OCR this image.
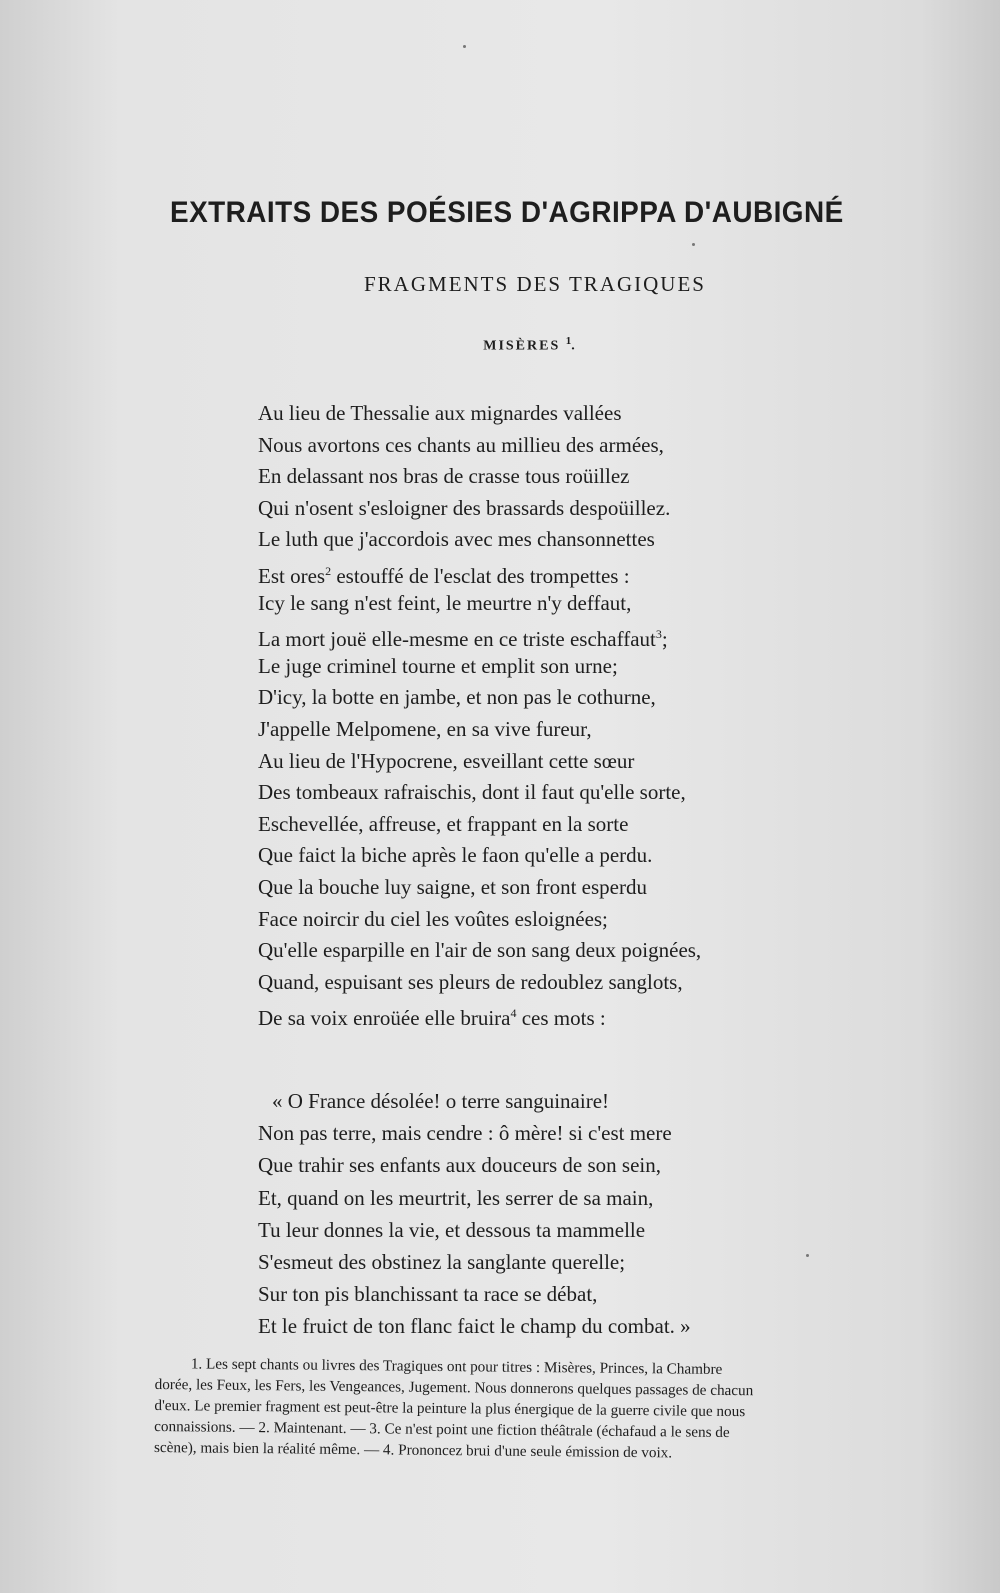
EXTRAITS DES POÉSIES D'AGRIPPA D'AUBIGNÉ
FRAGMENTS DES TRAGIQUES
MISÈRES $^1$.
Au lieu de Thessalie aux mignardes vallées
Nous avortons ces chants au millieu des armées,
En delassant nos bras de crasse tous roüillez
Qui n'osent s'esloigner des brassards despoüillez.
Le luth que j'accordois avec mes chansonnettes
Est ores$^2$ estouffé de l'esclat des trompettes :
Icy le sang n'est feint, le meurtre n'y deffaut,
La mort jouë elle-mesme en ce triste eschaffaut$^3$;
Le juge criminel tourne et emplit son urne;
D'icy, la botte en jambe, et non pas le cothurne,
J'appelle Melpomene, en sa vive fureur,
Au lieu de l'Hypocrene, esveillant cette sœur
Des tombeaux rafraischis, dont il faut qu'elle sorte,
Eschevellée, affreuse, et frappant en la sorte
Que faict la biche après le faon qu'elle a perdu.
Que la bouche luy saigne, et son front esperdu
Face noircir du ciel les voûtes esloignées;
Qu'elle esparpille en l'air de son sang deux poignées,
Quand, espuisant ses pleurs de redoublez sanglots,
De sa voix enroüée elle bruira$^4$ ces mots :
« O France désolée! o terre sanguinaire!
Non pas terre, mais cendre : ô mère! si c'est mere
Que trahir ses enfants aux douceurs de son sein,
Et, quand on les meurtrit, les serrer de sa main,
Tu leur donnes la vie, et dessous ta mammelle
S'esmeut des obstinez la sanglante querelle;
Sur ton pis blanchissant ta race se débat,
Et le fruict de ton flanc faict le champ du combat. »
1. Les sept chants ou livres des Tragiques ont pour titres : Misères, Princes, la Chambre
dorée, les Feux, les Fers, les Vengeances, Jugement. Nous donnerons quelques passages de chacun
d'eux. Le premier fragment est peut-être la peinture la plus énergique de la guerre civile que nous
connaissions. — 2. Maintenant. — 3. Ce n'est point une fiction théâtrale (échafaud a le sens de
scène), mais bien la réalité même. — 4. Prononcez brui d'une seule émission de voix.
